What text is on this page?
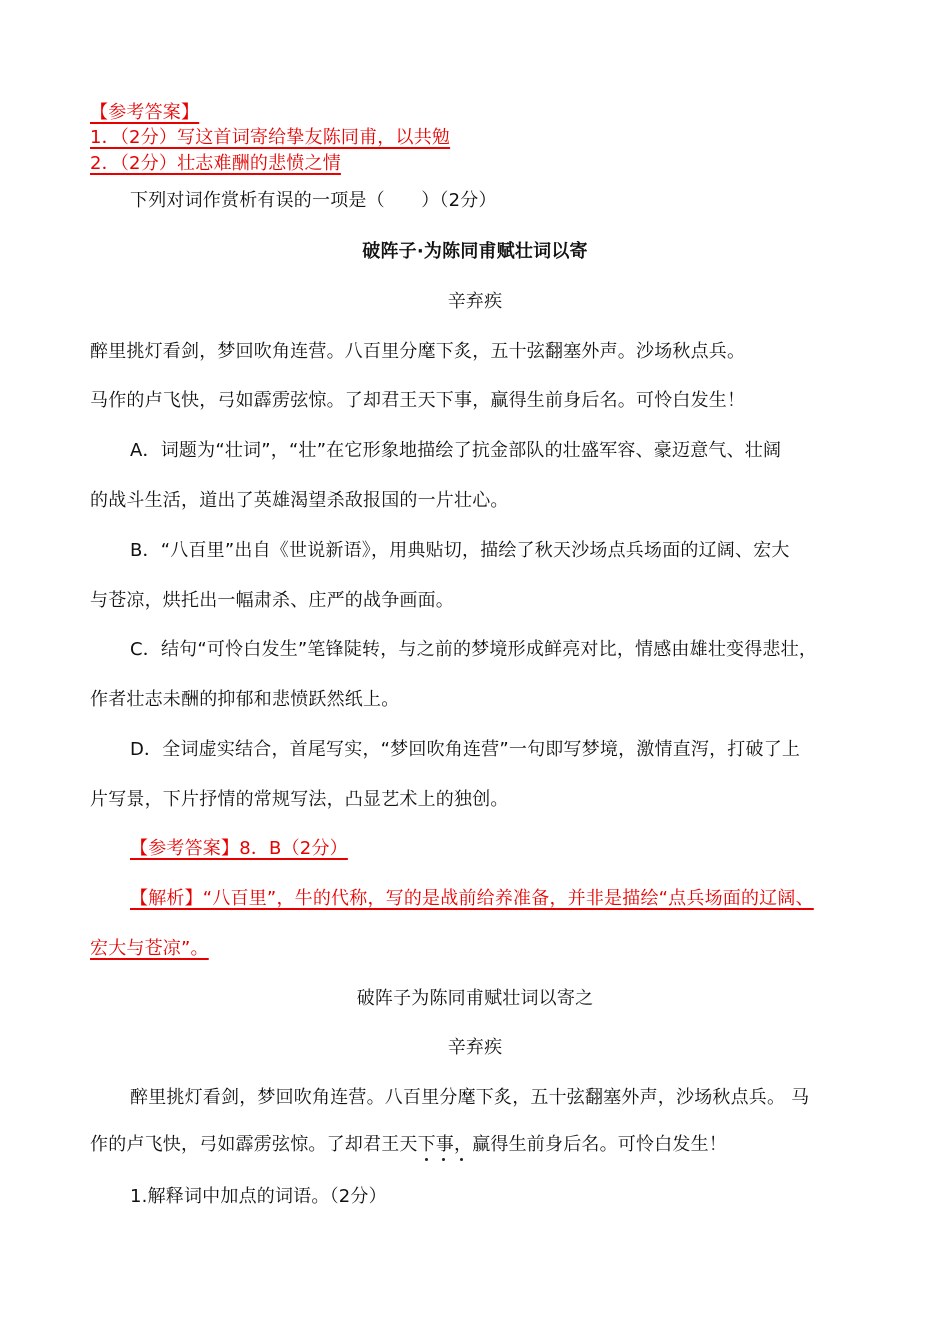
【参考答案】
1．（2分）写这首词寄给挚友陈同甫，以共勉
2．（2分）壮志难酬的悲愤之情
下列对词作赏析有误的一项是（　　）（2分）
破阵子·为陈同甫赋壮词以寄
辛弃疾
醉里挑灯看剑，梦回吹角连营。八百里分麾下炙，五十弦翻塞外声。沙场秋点兵。
马作的卢飞快，弓如霹雳弦惊。了却君王天下事，赢得生前身后名。可怜白发生！
A．词题为“壮词”，“壮”在它形象地描绘了抗金部队的壮盛军容、豪迈意气、壮阔
的战斗生活，道出了英雄渴望杀敌报国的一片壮心。
B．“八百里”出自《世说新语》，用典贴切，描绘了秋天沙场点兵场面的辽阔、宏大
与苍凉，烘托出一幅肃杀、庄严的战争画面。
C．结句“可怜白发生”笔锋陡转，与之前的梦境形成鲜亮对比，情感由雄壮变得悲壮，
作者壮志未酬的抑郁和悲愤跃然纸上。
D．全词虚实结合，首尾写实，“梦回吹角连营”一句即写梦境，激情直泻，打破了上
片写景，下片抒情的常规写法，凸显艺术上的独创。
【参考答案】8．B（2分）
【解析】“八百里”，牛的代称，写的是战前给养准备，并非是描绘“点兵场面的辽阔、
宏大与苍凉”。
破阵子为陈同甫赋壮词以寄之
辛弃疾
醉里挑灯看剑，梦回吹角连营。八百里分麾下炙，五十弦翻塞外声，沙场秋点兵。 马
作的卢飞快，弓如霹雳弦惊。了却君王天下事，赢得生前身后名。可怜白发生！
1.解释词中加点的词语。（2分）
